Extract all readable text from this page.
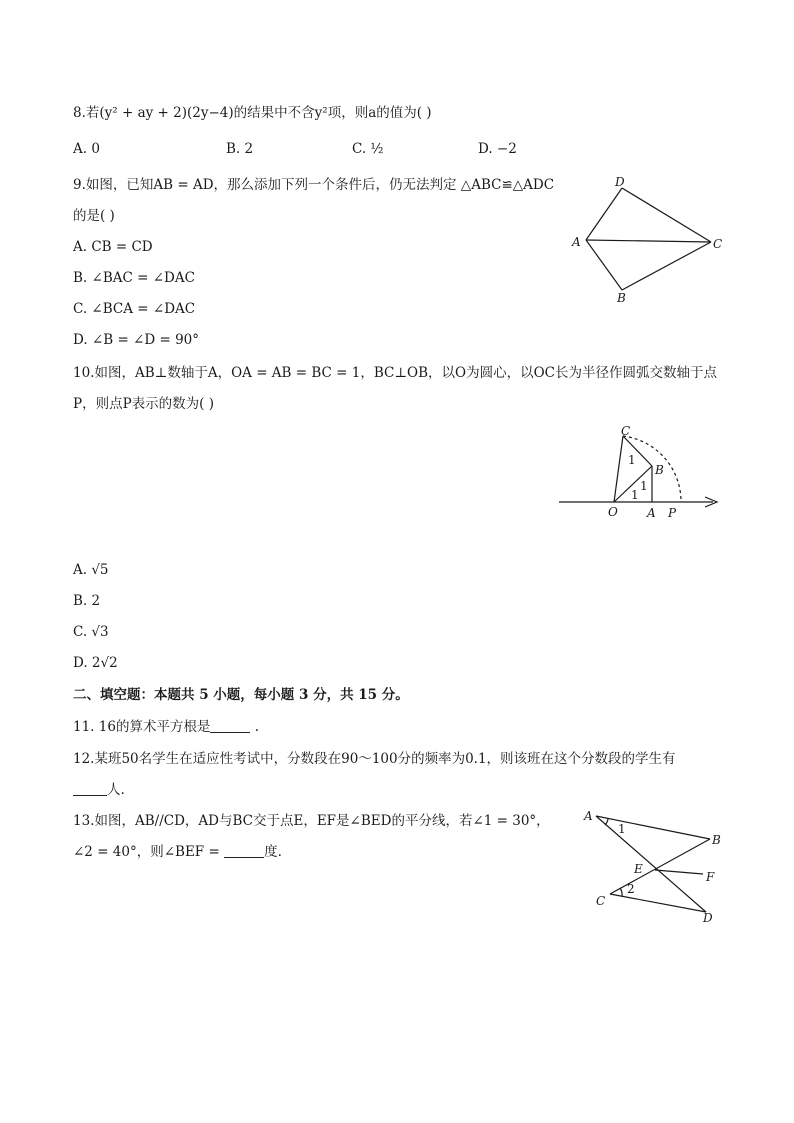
8.若(y² + ay + 2)(2y−4)的结果中不含y²项，则a的值为( )
A. 0	B. 2	C. ½	D. −2
9.如图，已知AB = AD，那么添加下列一个条件后，仍无法判定 △ABC≌△ADC
的是( )
A. CB = CD
B. ∠BAC = ∠DAC
C. ∠BCA = ∠DAC
D. ∠B = ∠D = 90°
D
A	C
B
10.如图，AB⊥数轴于A，OA = AB = BC = 1，BC⊥OB，以O为圆心，以OC长为半径作圆弧交数轴于点
P，则点P表示的数为( )
C
B
O A P
1
1
1
A. √5
B. 2
C. √3
D. 2√2
二、填空题：本题共 5 小题，每小题 3 分，共 15 分。
11. 16的算术平方根是	.
12.某班50名学生在适应性考试中，分数段在90～100分的频率为0.1，则该班在这个分数段的学生有
人.
13.如图，AB//CD，AD与BC交于点E，EF是∠BED的平分线，若∠1 = 30°，
∠2 = 40°，则∠BEF =	度.
A
B
C
D
E
F
1
2
